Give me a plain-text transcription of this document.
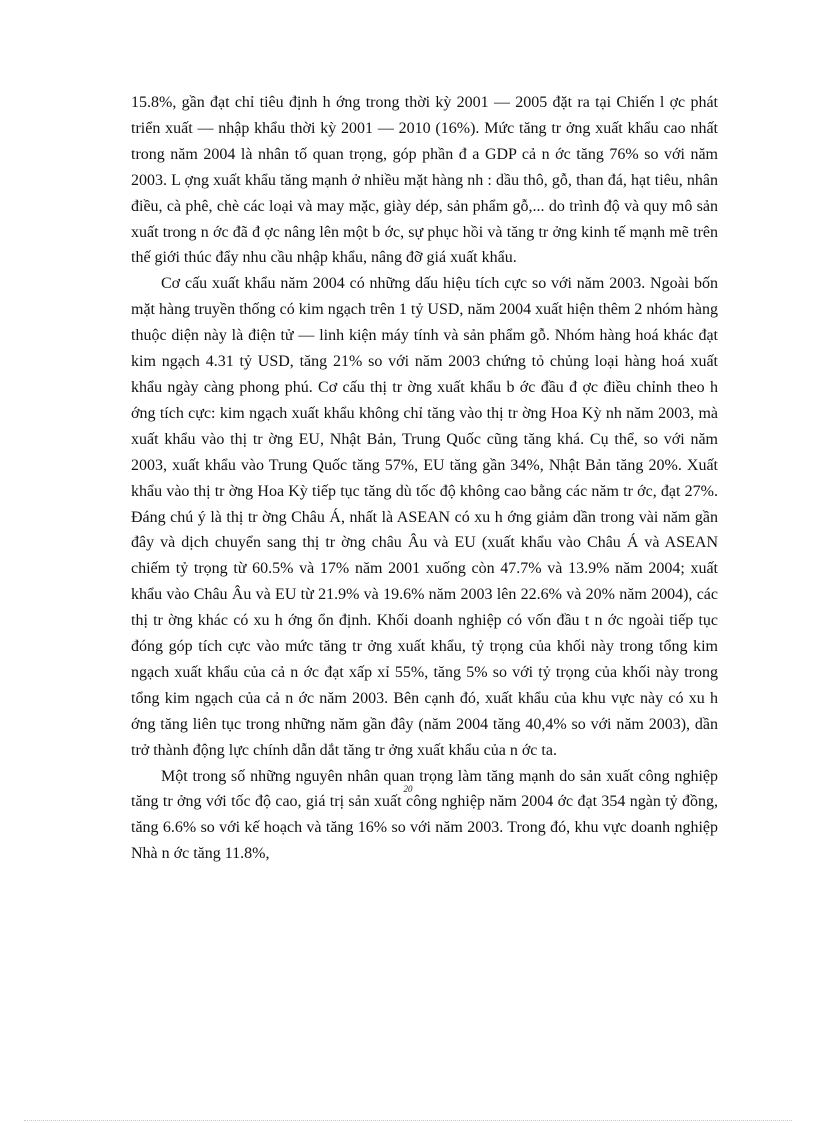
15.8%, gần đạt chỉ tiêu định h ớng trong thời kỳ 2001 — 2005 đặt ra tại Chiến l ợc phát triển xuất — nhập khẩu thời kỳ 2001 — 2010 (16%). Mức tăng tr ởng xuất khẩu cao nhất trong năm 2004 là nhân tố quan trọng, góp phần đ a GDP cả n ớc tăng 76% so với năm 2003. L ợng xuất khẩu tăng mạnh ở nhiều mặt hàng nh : dầu thô, gỗ, than đá, hạt tiêu, nhân điều, cà phê, chè các loại và may mặc, giày dép, sản phẩm gỗ,... do trình độ và quy mô sản xuất trong n ớc đã đ ợc nâng lên một b ớc, sự phục hồi và tăng tr ởng kinh tế mạnh mẽ trên thế giới thúc đẩy nhu cầu nhập khẩu, nâng đỡ giá xuất khẩu.

Cơ cấu xuất khẩu năm 2004 có những dấu hiệu tích cực so với năm 2003. Ngoài bốn mặt hàng truyền thống có kim ngạch trên 1 tỷ USD, năm 2004 xuất hiện thêm 2 nhóm hàng thuộc diện này là điện tử — linh kiện máy tính và sản phẩm gỗ. Nhóm hàng hoá khác đạt kim ngạch 4.31 tỷ USD, tăng 21% so với năm 2003 chứng tỏ chủng loại hàng hoá xuất khẩu ngày càng phong phú. Cơ cấu thị tr ờng xuất khẩu b ớc đầu đ ợc điều chỉnh theo h ớng tích cực: kim ngạch xuất khẩu không chỉ tăng vào thị tr ờng Hoa Kỳ nh năm 2003, mà xuất khẩu vào thị tr ờng EU, Nhật Bản, Trung Quốc cũng tăng khá. Cụ thể, so với năm 2003, xuất khẩu vào Trung Quốc tăng 57%, EU tăng gần 34%, Nhật Bản tăng 20%. Xuất khẩu vào thị tr ờng Hoa Kỳ tiếp tục tăng dù tốc độ không cao bằng các năm tr ớc, đạt 27%. Đáng chú ý là thị tr ờng Châu Á, nhất là ASEAN có xu h ớng giảm dần trong vài năm gần đây và dịch chuyển sang thị tr ờng châu Âu và EU (xuất khẩu vào Châu Á và ASEAN chiếm tỷ trọng từ 60.5% và 17% năm 2001 xuống còn 47.7% và 13.9% năm 2004; xuất khẩu vào Châu Âu và EU từ 21.9% và 19.6% năm 2003 lên 22.6% và 20% năm 2004), các thị tr ờng khác có xu h ớng ổn định. Khối doanh nghiệp có vốn đầu t n ớc ngoài tiếp tục đóng góp tích cực vào mức tăng tr ởng xuất khẩu, tỷ trọng của khối này trong tổng kim ngạch xuất khẩu của cả n ớc đạt xấp xỉ 55%, tăng 5% so với tỷ trọng của khối này trong tổng kim ngạch của cả n ớc năm 2003. Bên cạnh đó, xuất khẩu của khu vực này có xu h ớng tăng liên tục trong những năm gần đây (năm 2004 tăng 40,4% so với năm 2003), dần trở thành động lực chính dẫn dắt tăng tr ởng xuất khẩu của n ớc ta.

Một trong số những nguyên nhân quan trọng làm tăng mạnh do sản xuất công nghiệp tăng tr ởng với tốc độ cao, giá trị sản xuất công nghiệp năm 2004 ớc đạt 354 ngàn tỷ đồng, tăng 6.6% so với kế hoạch và tăng 16% so với năm 2003. Trong đó, khu vực doanh nghiệp Nhà n ớc tăng 11.8%,

20
